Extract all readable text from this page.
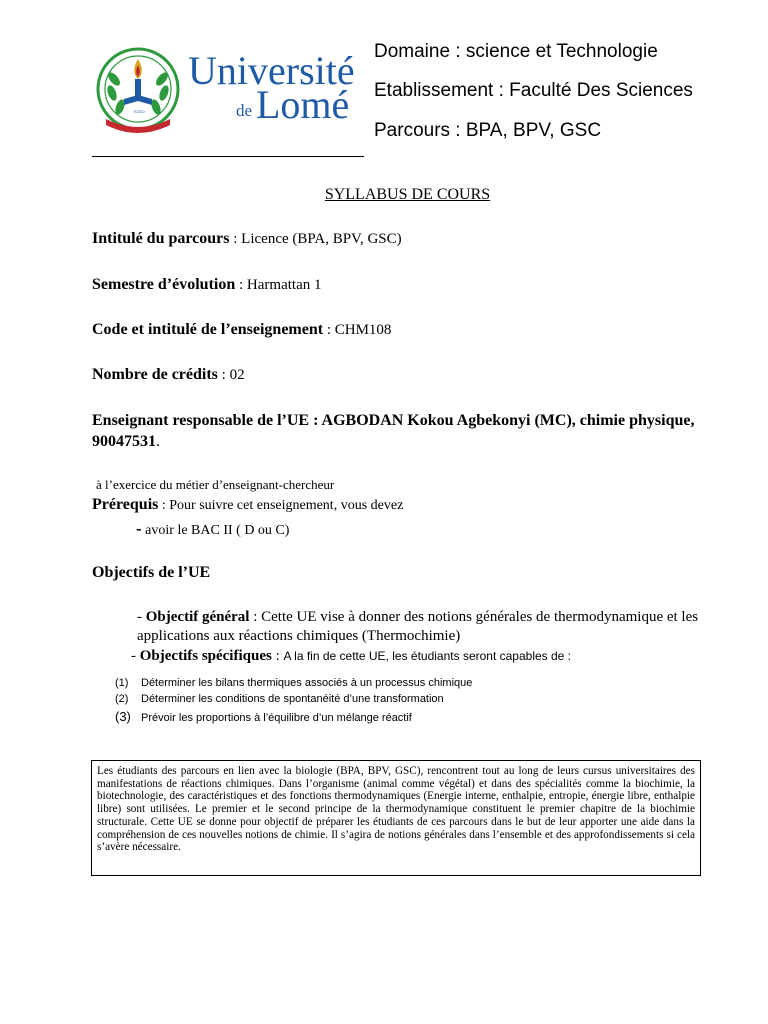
TOGO
Université
de Lomé
Domaine : science et Technologie
Etablissement : Faculté Des Sciences
Parcours : BPA, BPV, GSC
SYLLABUS DE COURS
Intitulé du parcours : Licence (BPA, BPV, GSC)
Semestre d’évolution : Harmattan 1
Code et intitulé de l’enseignement : CHM108
Nombre de crédits : 02
Enseignant responsable de l’UE : AGBODAN Kokou Agbekonyi (MC), chimie physique, 90047531.
à l’exercice du métier d’enseignant-chercheur
Prérequis : Pour suivre cet enseignement, vous devez
- avoir le BAC II ( D ou C)
Objectifs de l’UE
- Objectif général : Cette UE vise à donner des notions générales de thermodynamique et les applications aux réactions chimiques (Thermochimie)
- Objectifs spécifiques : A la fin de cette UE, les étudiants seront capables de :
(1) Déterminer les bilans thermiques associés à un processus chimique
(2) Déterminer les conditions de spontanéité d’une transformation
(3) Prévoir les proportions à l’équilibre d’un mélange réactif
Les étudiants des parcours en lien avec la biologie (BPA, BPV, GSC), rencontrent tout au long de leurs cursus universitaires des manifestations de réactions chimiques. Dans l’organisme (animal comme végétal) et dans des spécialités comme la biochimie, la biotechnologie, des caractéristiques et des fonctions thermodynamiques (Energie interne, enthalpie, entropie, énergie libre, enthalpie libre) sont utilisées. Le premier et le second principe de la thermodynamique constituent le premier chapitre de la biochimie structurale. Cette UE se donne pour objectif de préparer les étudiants de ces parcours dans le but de leur apporter une aide dans la compréhension de ces nouvelles notions de chimie. Il s’agira de notions générales dans l’ensemble et des approfondissements si cela s’avère nécessaire.
